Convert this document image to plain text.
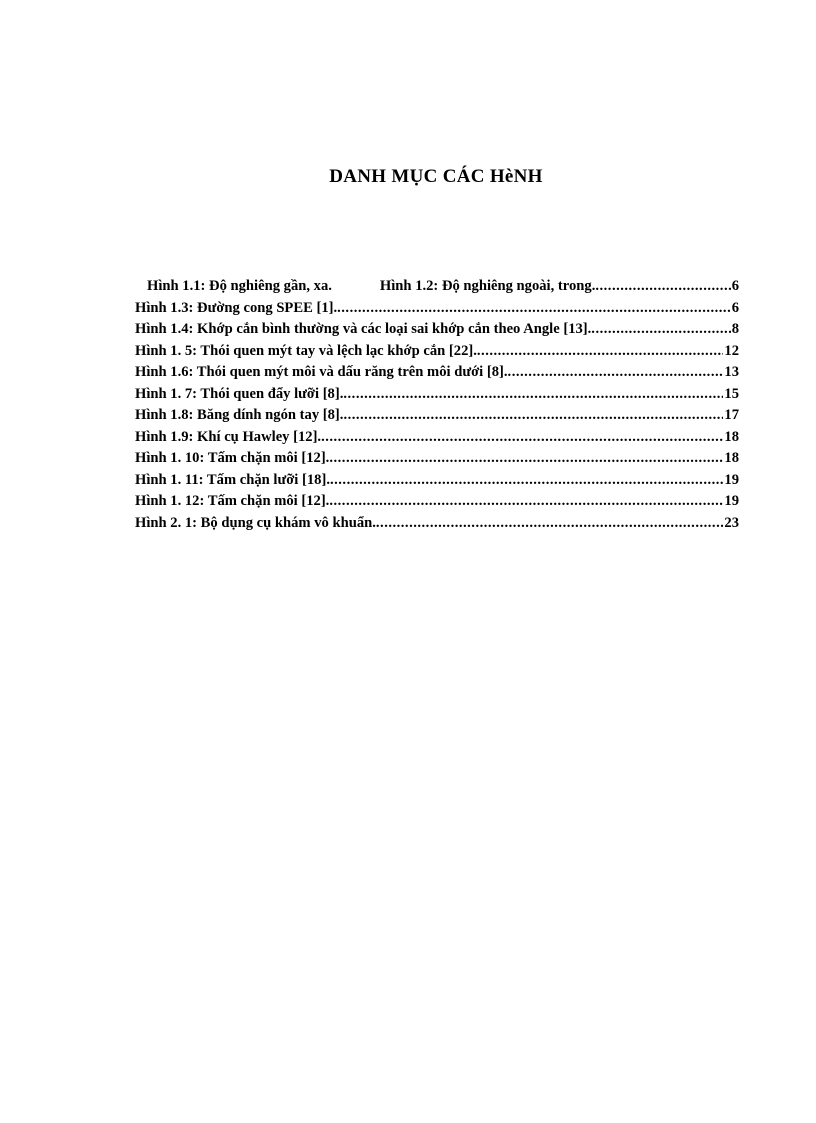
DANH MỤC CÁC HèNH
Hình 1.1: Độ nghiêng gần, xa.	Hình 1.2: Độ nghiêng ngoài, trong. .....	6
Hình 1.3: Đường cong SPEE [1]. .....	6
Hình 1.4: Khớp cắn bình thường và các loại sai khớp cắn theo Angle [13]. .....	8
Hình 1. 5: Thói quen mýt tay và lệch lạc khớp cắn [22]. .....	12
Hình 1.6: Thói quen mýt môi và dấu răng trên môi dưới [8]. .....	13
Hình 1. 7: Thói quen đẩy lưỡi [8]. .....	15
Hình 1.8: Băng dính ngón tay [8]. .....	17
Hình 1.9: Khí cụ Hawley [12]. .....	18
Hình 1. 10: Tấm chặn môi [12]. .....	18
Hình 1. 11: Tấm chặn lưỡi [18]. .....	19
Hình 1. 12: Tấm chặn môi [12]. .....	19
Hình 2. 1: Bộ dụng cụ khám vô khuẩn. .....	23
